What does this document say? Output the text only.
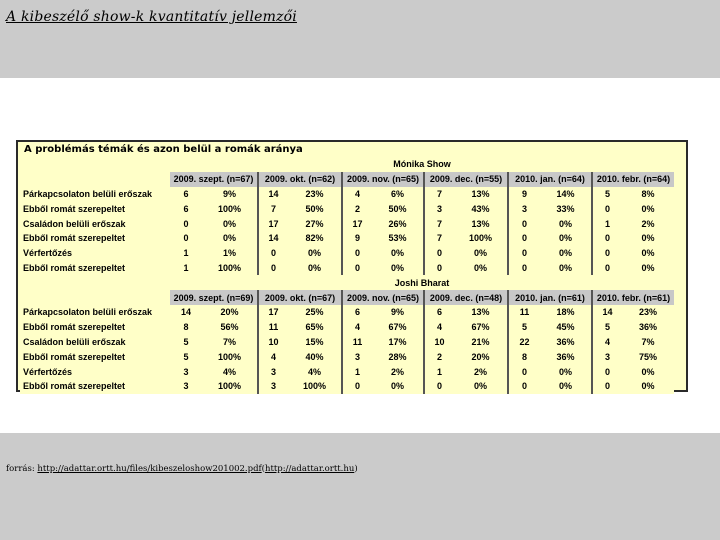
A kibeszélő show-k kvantitatív jellemzői
A problémás témák és azon belül a romák aránya
	Mónika Show											
	2009. szept. (n=67)		2009. okt. (n=62)		2009. nov. (n=65)		2009. dec. (n=55)		2010. jan. (n=64)		2010. febr. (n=64)	
Párkapcsolaton belüli erőszak	6	9%	14	23%	4	6%	7	13%	9	14%	5	8%
Ebből romát szerepeltet	6	100%	7	50%	2	50%	3	43%	3	33%	0	0%
Családon belüli erőszak	0	0%	17	27%	17	26%	7	13%	0	0%	1	2%
Ebből romát szerepeltet	0	0%	14	82%	9	53%	7	100%	0	0%	0	0%
Vérfertőzés	1	1%	0	0%	0	0%	0	0%	0	0%	0	0%
Ebből romát szerepeltet	1	100%	0	0%	0	0%	0	0%	0	0%	0	0%
	Joshi Bharat											
	2009. szept. (n=69)		2009. okt. (n=67)		2009. nov. (n=65)		2009. dec. (n=48)		2010. jan. (n=61)		2010. febr. (n=61)	
Párkapcsolaton belüli erőszak	14	20%	17	25%	6	9%	6	13%	11	18%	14	23%
Ebből romát szerepeltet	8	56%	11	65%	4	67%	4	67%	5	45%	5	36%
Családon belüli erőszak	5	7%	10	15%	11	17%	10	21%	22	36%	4	7%
Ebből romát szerepeltet	5	100%	4	40%	3	28%	2	20%	8	36%	3	75%
Vérfertőzés	3	4%	3	4%	1	2%	1	2%	0	0%	0	0%
Ebből romát szerepeltet	3	100%	3	100%	0	0%	0	0%	0	0%	0	0%
forrás: http://adattar.ortt.hu/files/kibeszeloshow201002.pdf(http://adattar.ortt.hu)
